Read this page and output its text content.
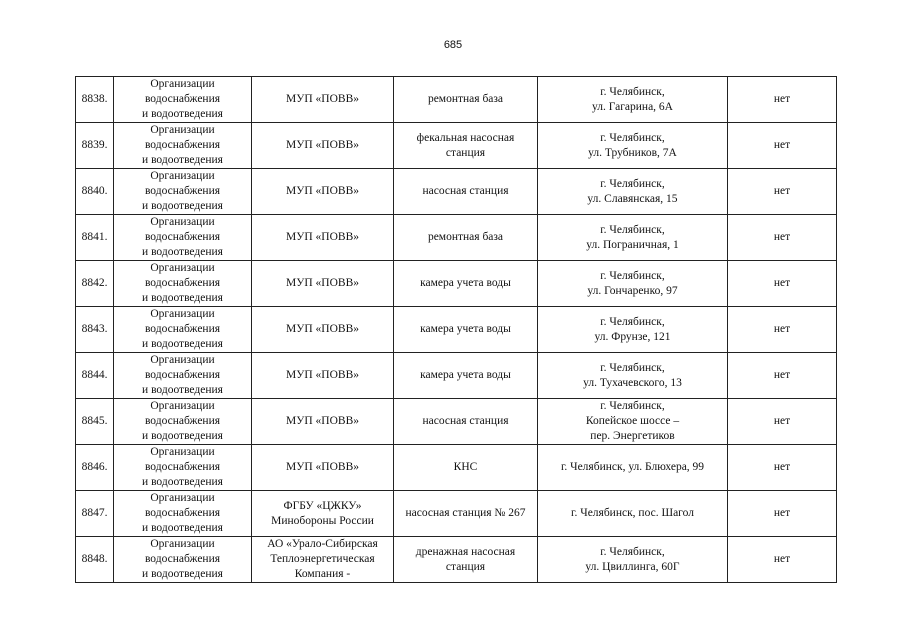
685
8838.	Организации
водоснабжения
и водоотведения	МУП «ПОВВ»	ремонтная база	г. Челябинск,
ул. Гагарина, 6А	нет

8839.	Организации
водоснабжения
и водоотведения	МУП «ПОВВ»	фекальная насосная
станция	г. Челябинск,
ул. Трубников, 7А	нет

8840.	Организации
водоснабжения
и водоотведения	МУП «ПОВВ»	насосная станция	г. Челябинск,
ул. Славянская, 15	нет

8841.	Организации
водоснабжения
и водоотведения	МУП «ПОВВ»	ремонтная база	г. Челябинск,
ул. Пограничная, 1	нет

8842.	Организации
водоснабжения
и водоотведения	МУП «ПОВВ»	камера учета воды	г. Челябинск,
ул. Гончаренко, 97	нет

8843.	Организации
водоснабжения
и водоотведения	МУП «ПОВВ»	камера учета воды	г. Челябинск,
ул. Фрунзе, 121	нет

8844.	Организации
водоснабжения
и водоотведения	МУП «ПОВВ»	камера учета воды	г. Челябинск,
ул. Тухачевского, 13	нет

8845.	Организации
водоснабжения
и водоотведения	МУП «ПОВВ»	насосная станция	г. Челябинск,
Копейское шоссе –
пер. Энергетиков	нет

8846.	Организации
водоснабжения
и водоотведения	МУП «ПОВВ»	КНС	г. Челябинск, ул. Блюхера, 99	нет

8847.	Организации
водоснабжения
и водоотведения	ФГБУ «ЦЖКУ»
Минобороны России	насосная станция № 267	г. Челябинск, пос. Шагол	нет

8848.	Организации
водоснабжения
и водоотведения	АО «Урало-Сибирская
Теплоэнергетическая
Компания -	дренажная насосная
станция	г. Челябинск,
ул. Цвиллинга, 60Г	нет
